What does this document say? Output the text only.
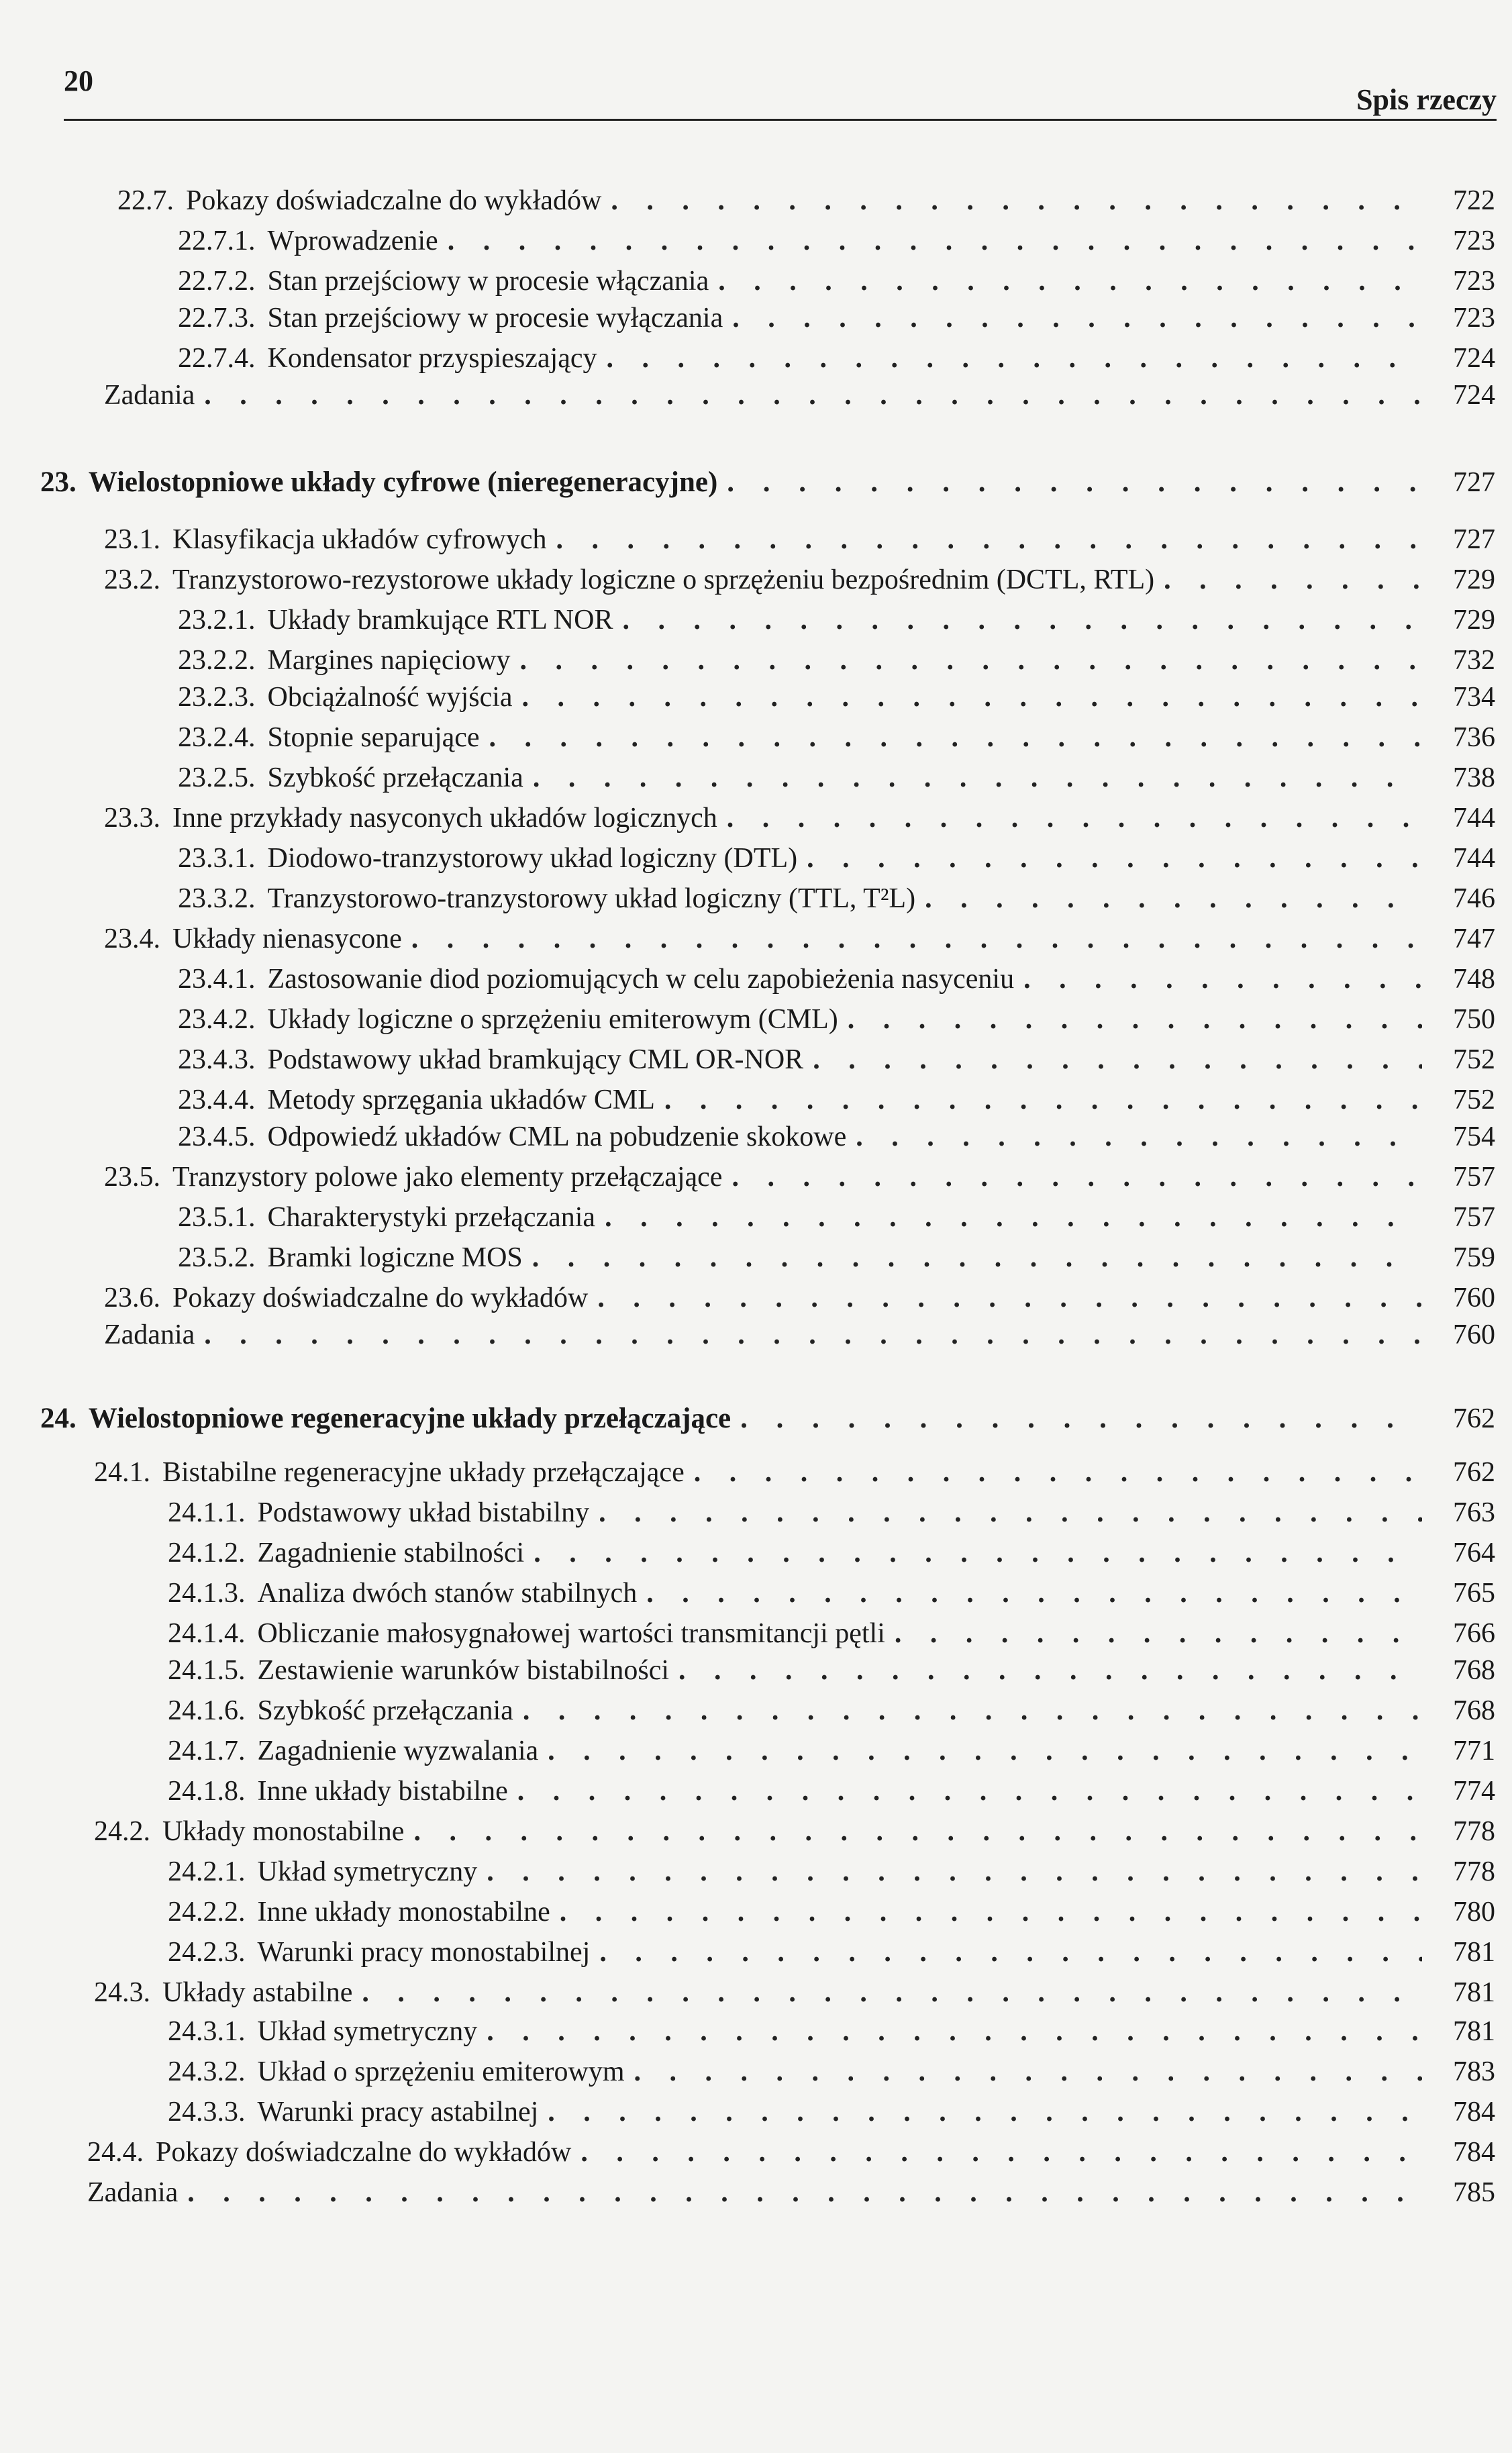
20
Spis rzeczy
22.7. Pokazy doświadczalne do wykładów . . .	722
22.7.1. Wprowadzenie . . .	723
22.7.2. Stan przejściowy w procesie włączania . . .	723
22.7.3. Stan przejściowy w procesie wyłączania . . .	723
22.7.4. Kondensator przyspieszający . . .	724
Zadania . . .	724
23. Wielostopniowe układy cyfrowe (nieregeneracyjne) . . .	727
23.1. Klasyfikacja układów cyfrowych . . .	727
23.2. Tranzystorowo-rezystorowe układy logiczne o sprzężeniu bezpośrednim (DCTL, RTL) . . .	729
23.2.1. Układy bramkujące RTL NOR . . .	729
23.2.2. Margines napięciowy . . .	732
23.2.3. Obciążalność wyjścia . . .	734
23.2.4. Stopnie separujące . . .	736
23.2.5. Szybkość przełączania . . .	738
23.3. Inne przykłady nasyconych układów logicznych . . .	744
23.3.1. Diodowo-tranzystorowy układ logiczny (DTL) . . .	744
23.3.2. Tranzystorowo-tranzystorowy układ logiczny (TTL, T²L) . . .	746
23.4. Układy nienasycone . . .	747
23.4.1. Zastosowanie diod poziomujących w celu zapobieżenia nasyceniu . . .	748
23.4.2. Układy logiczne o sprzężeniu emiterowym (CML) . . .	750
23.4.3. Podstawowy układ bramkujący CML OR-NOR . . .	752
23.4.4. Metody sprzęgania układów CML . . .	752
23.4.5. Odpowiedź układów CML na pobudzenie skokowe . . .	754
23.5. Tranzystory polowe jako elementy przełączające . . .	757
23.5.1. Charakterystyki przełączania . . .	757
23.5.2. Bramki logiczne MOS . . .	759
23.6. Pokazy doświadczalne do wykładów . . .	760
Zadania . . .	760
24. Wielostopniowe regeneracyjne układy przełączające . . .	762
24.1. Bistabilne regeneracyjne układy przełączające . . .	762
24.1.1. Podstawowy układ bistabilny . . .	763
24.1.2. Zagadnienie stabilności . . .	764
24.1.3. Analiza dwóch stanów stabilnych . . .	765
24.1.4. Obliczanie małosygnałowej wartości transmitancji pętli . . .	766
24.1.5. Zestawienie warunków bistabilności . . .	768
24.1.6. Szybkość przełączania . . .	768
24.1.7. Zagadnienie wyzwalania . . .	771
24.1.8. Inne układy bistabilne . . .	774
24.2. Układy monostabilne . . .	778
24.2.1. Układ symetryczny . . .	778
24.2.2. Inne układy monostabilne . . .	780
24.2.3. Warunki pracy monostabilnej . . .	781
24.3. Układy astabilne . . .	781
24.3.1. Układ symetryczny . . .	781
24.3.2. Układ o sprzężeniu emiterowym . . .	783
24.3.3. Warunki pracy astabilnej . . .	784
24.4. Pokazy doświadczalne do wykładów . . .	784
Zadania . . .	785
